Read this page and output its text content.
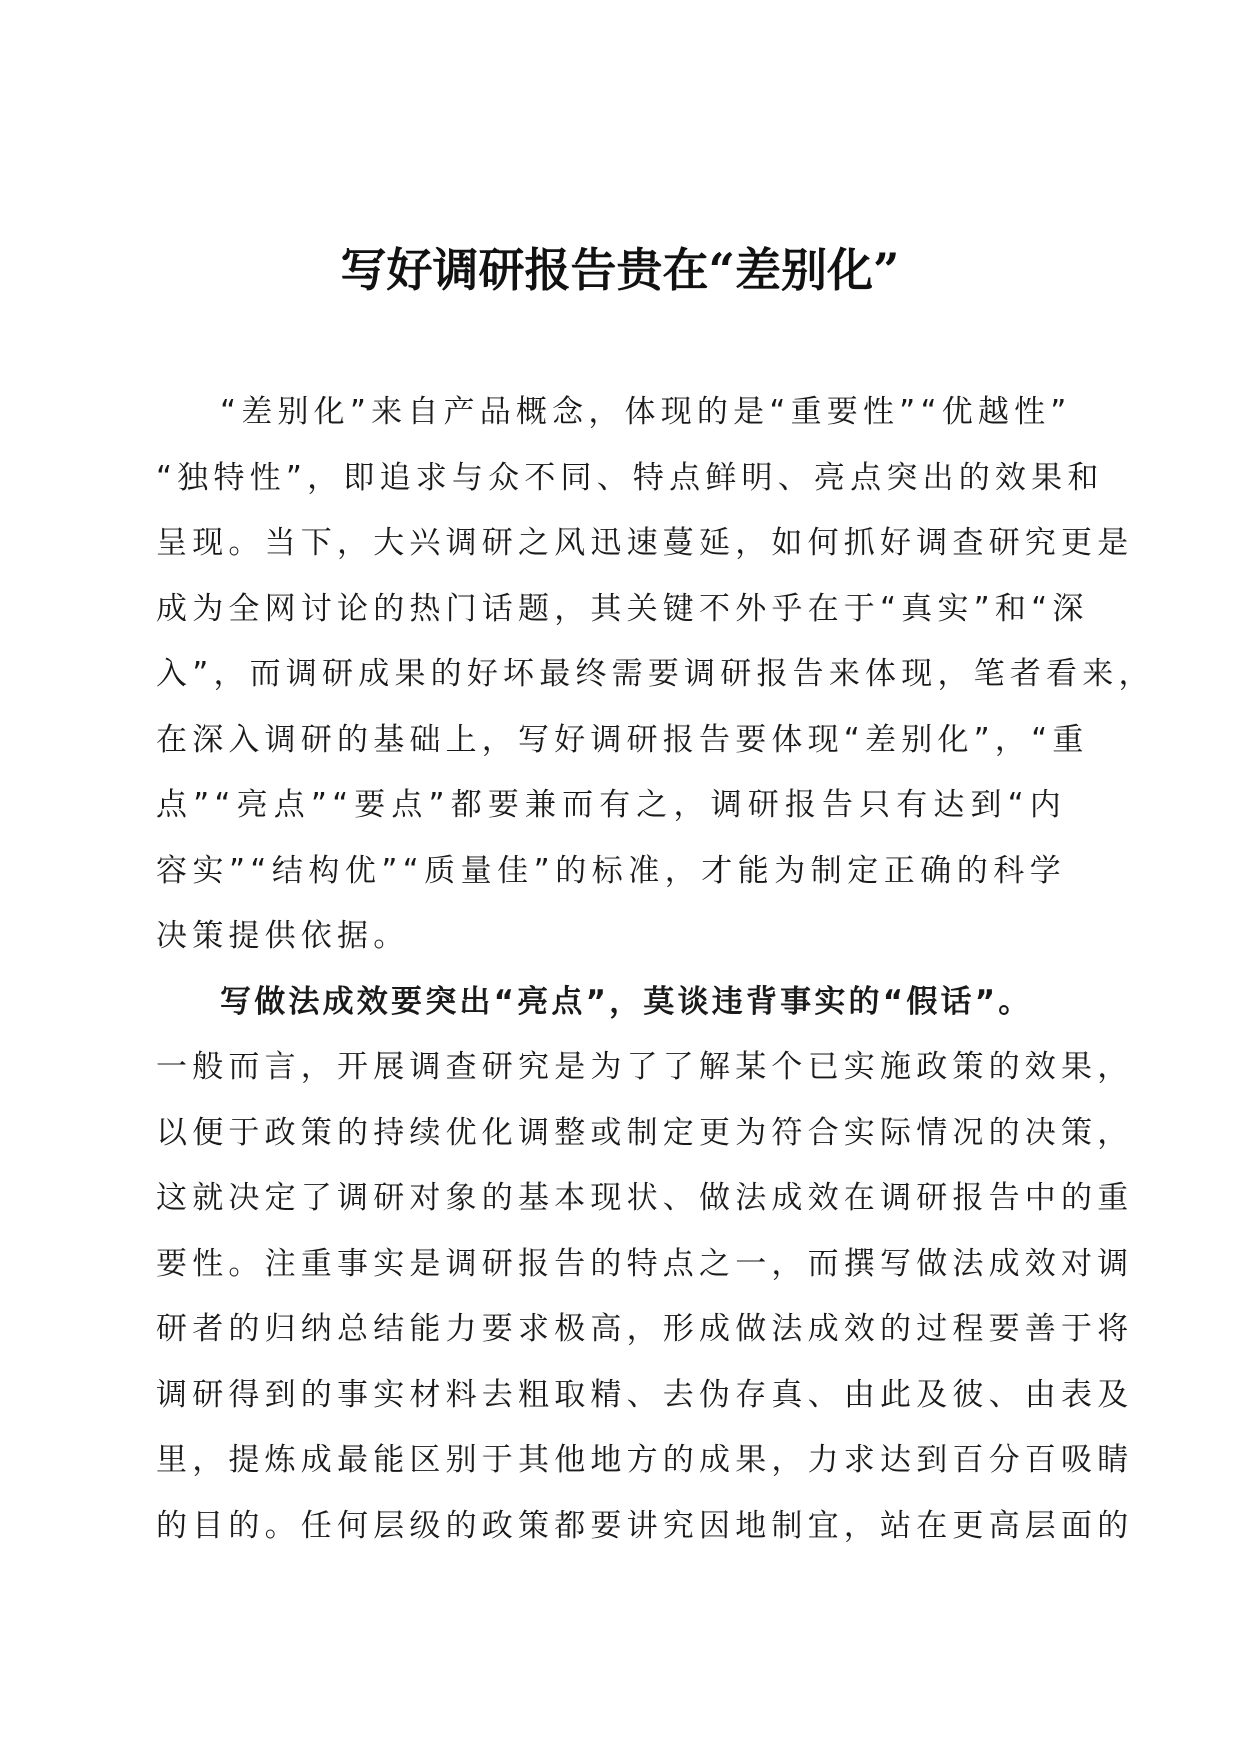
写好调研报告贵在“差别化”
“差别化”来自产品概念，体现的是“重要性”“优越性”
“独特性”，即追求与众不同、特点鲜明、亮点突出的效果和
呈现。当下，大兴调研之风迅速蔓延，如何抓好调查研究更是
成为全网讨论的热门话题，其关键不外乎在于“真实”和“深
入”，而调研成果的好坏最终需要调研报告来体现，笔者看来，
在深入调研的基础上，写好调研报告要体现“差别化”，“重
点”“亮点”“要点”都要兼而有之，调研报告只有达到“内
容实”“结构优”“质量佳”的标准，才能为制定正确的科学
决策提供依据。
写做法成效要突出“亮点”，莫谈违背事实的“假话”。
一般而言，开展调查研究是为了了解某个已实施政策的效果，
以便于政策的持续优化调整或制定更为符合实际情况的决策，
这就决定了调研对象的基本现状、做法成效在调研报告中的重
要性。注重事实是调研报告的特点之一，而撰写做法成效对调
研者的归纳总结能力要求极高，形成做法成效的过程要善于将
调研得到的事实材料去粗取精、去伪存真、由此及彼、由表及
里，提炼成最能区别于其他地方的成果，力求达到百分百吸睛
的目的。任何层级的政策都要讲究因地制宜，站在更高层面的
